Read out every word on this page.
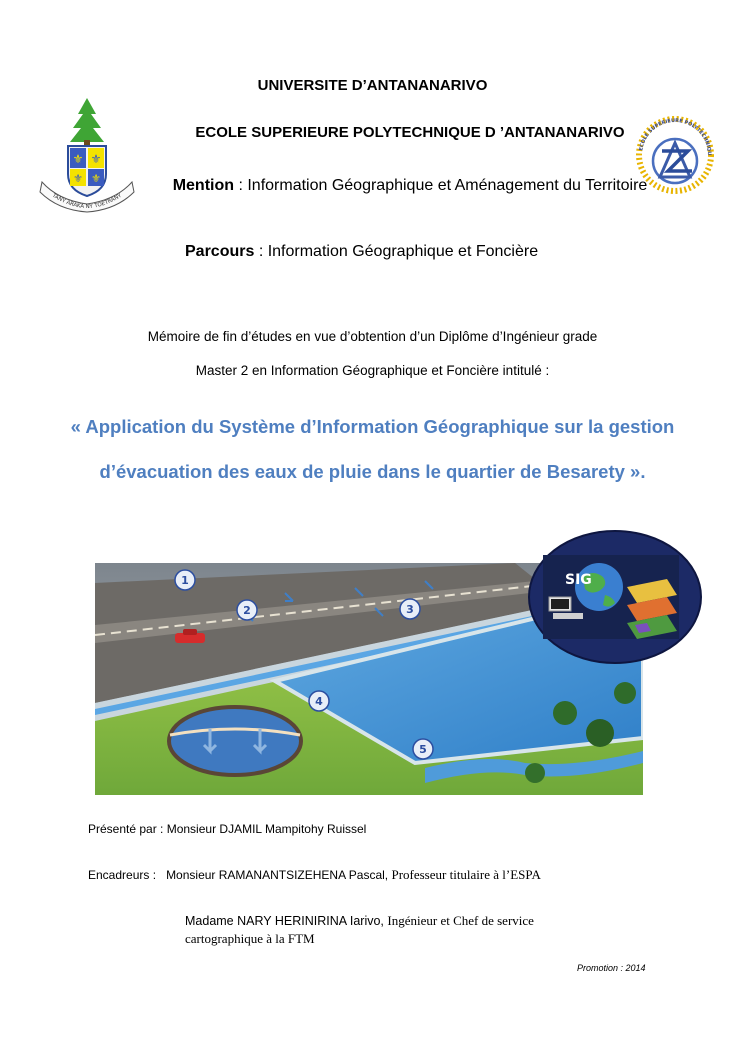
⚜ ⚜
⚜ ⚜
TANY ARAKA NY TOETRANY
ECOLE SUPERIEURE POLYTECHNIQU
UNIVERSITE D’ANTANANARIVO
ECOLE SUPERIEURE POLYTECHNIQUE D ’ANTANANARIVO
Mention : Information Géographique et Aménagement du Territoire
Parcours : Information Géographique et Foncière
Mémoire de fin d’études en vue d’obtention d’un Diplôme d’Ingénieur grade
Master 2 en Information Géographique et Foncière intitulé :
« Application du Système d’Information Géographique sur la gestion d’évacuation des eaux de pluie dans le quartier de Besarety ».
1
2	3
4
5
SIG
Présenté par : Monsieur DJAMIL Mampitohy Ruissel
Encadreurs : Monsieur RAMANANTSIZEHENA Pascal, Professeur titulaire à l’ESPA
Madame NARY HERINIRINA Iarivo, Ingénieur et Chef de service cartographique à la FTM
Promotion : 2014
